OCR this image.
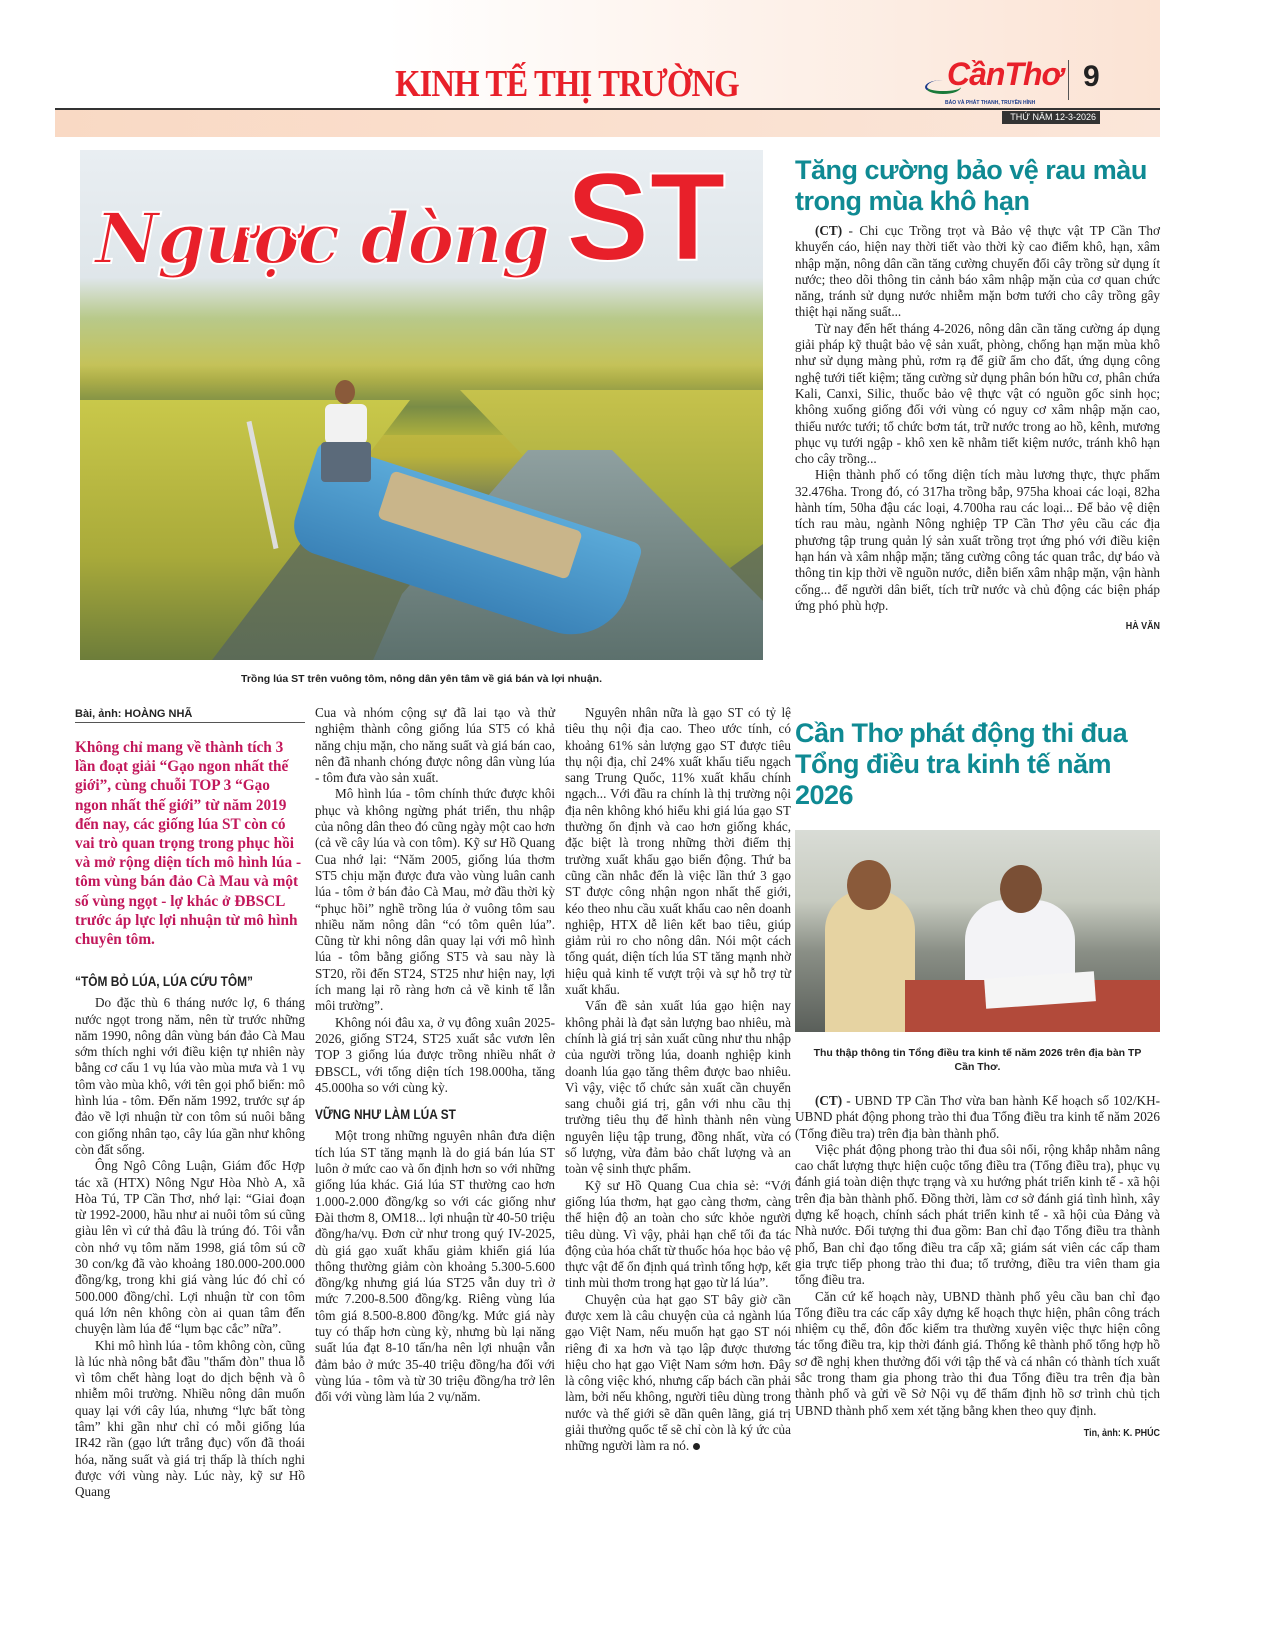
KINH TẾ THỊ TRƯỜNG	CầnThơ
BÁO VÀ PHÁT THANH, TRUYỀN HÌNH
9
THỨ NĂM 12-3-2026
Ngược dòng ST
Trồng lúa ST trên vuông tôm, nông dân yên tâm về giá bán và lợi nhuận.
Bài, ảnh: HOÀNG NHÃ
Không chỉ mang về thành tích 3 lần đoạt giải “Gạo ngon nhất thế giới”, cùng chuỗi TOP 3 “Gạo ngon nhất thế giới” từ năm 2019 đến nay, các giống lúa ST còn có vai trò quan trọng trong phục hồi và mở rộng diện tích mô hình lúa - tôm vùng bán đảo Cà Mau và một số vùng ngọt - lợ khác ở ĐBSCL trước áp lực lợi nhuận từ mô hình chuyên tôm.
“TÔM BỎ LÚA, LÚA CỨU TÔM”

Do đặc thù 6 tháng nước lợ, 6 tháng nước ngọt trong năm, nên từ trước những năm 1990, nông dân vùng bán đảo Cà Mau sớm thích nghi với điều kiện tự nhiên này bằng cơ cấu 1 vụ lúa vào mùa mưa và 1 vụ tôm vào mùa khô, với tên gọi phổ biến: mô hình lúa - tôm. Đến năm 1992, trước sự áp đảo về lợi nhuận từ con tôm sú nuôi bằng con giống nhân tạo, cây lúa gần như không còn đất sống.

Ông Ngô Công Luận, Giám đốc Hợp tác xã (HTX) Nông Ngư Hòa Nhò A, xã Hòa Tú, TP Cần Thơ, nhớ lại: “Giai đoạn từ 1992-2000, hầu như ai nuôi tôm sú cũng giàu lên vì cứ thả đâu là trúng đó. Tôi vẫn còn nhớ vụ tôm năm 1998, giá tôm sú cỡ 30 con/kg đã vào khoảng 180.000-200.000 đồng/kg, trong khi giá vàng lúc đó chỉ có 500.000 đồng/chỉ. Lợi nhuận từ con tôm quá lớn nên không còn ai quan tâm đến chuyện làm lúa để “lụm bạc cắc” nữa”.

Khi mô hình lúa - tôm không còn, cũng là lúc nhà nông bắt đầu "thấm đòn" thua lỗ vì tôm chết hàng loạt do dịch bệnh và ô nhiễm môi trường. Nhiều nông dân muốn quay lại với cây lúa, nhưng “lực bất tòng tâm” khi gần như chỉ có mỗi giống lúa IR42 rần (gạo lứt trắng đục) vốn đã thoái hóa, năng suất và giá trị thấp là thích nghi được với vùng này. Lúc này, kỹ sư Hồ Quang

Cua và nhóm cộng sự đã lai tạo và thử nghiệm thành công giống lúa ST5 có khả năng chịu mặn, cho năng suất và giá bán cao, nên đã nhanh chóng được nông dân vùng lúa - tôm đưa vào sản xuất.

Mô hình lúa - tôm chính thức được khôi phục và không ngừng phát triển, thu nhập của nông dân theo đó cũng ngày một cao hơn (cả về cây lúa và con tôm). Kỹ sư Hồ Quang Cua nhớ lại: “Năm 2005, giống lúa thơm ST5 chịu mặn được đưa vào vùng luân canh lúa - tôm ở bán đảo Cà Mau, mở đầu thời kỳ “phục hồi” nghề trồng lúa ở vuông tôm sau nhiều năm nông dân “có tôm quên lúa”. Cũng từ khi nông dân quay lại với mô hình lúa - tôm bằng giống ST5 và sau này là ST20, rồi đến ST24, ST25 như hiện nay, lợi ích mang lại rõ ràng hơn cả về kinh tế lẫn môi trường”.

Không nói đâu xa, ở vụ đông xuân 2025-2026, giống ST24, ST25 xuất sắc vươn lên TOP 3 giống lúa được trồng nhiều nhất ở ĐBSCL, với tổng diện tích 198.000ha, tăng 45.000ha so với cùng kỳ.

VỮNG NHƯ LÀM LÚA ST

Một trong những nguyên nhân đưa diện tích lúa ST tăng mạnh là do giá bán lúa ST luôn ở mức cao và ổn định hơn so với những giống lúa khác. Giá lúa ST thường cao hơn 1.000-2.000 đồng/kg so với các giống như Đài thơm 8, OM18... lợi nhuận từ 40-50 triệu đồng/ha/vụ. Đơn cử như trong quý IV-2025, dù giá gạo xuất khẩu giảm khiến giá lúa thông thường giảm còn khoảng 5.300-5.600 đồng/kg nhưng giá lúa ST25 vẫn duy trì ở mức 7.200-8.500 đồng/kg. Riêng vùng lúa tôm giá 8.500-8.800 đồng/kg. Mức giá này tuy có thấp hơn cùng kỳ, nhưng bù lại năng suất lúa đạt 8-10 tấn/ha nên lợi nhuận vẫn đảm bảo ở mức 35-40 triệu đồng/ha đối với vùng lúa - tôm và từ 30 triệu đồng/ha trở lên đối với vùng làm lúa 2 vụ/năm.

Nguyên nhân nữa là gạo ST có tỷ lệ tiêu thụ nội địa cao. Theo ước tính, có khoảng 61% sản lượng gạo ST được tiêu thụ nội địa, chỉ 24% xuất khẩu tiểu ngạch sang Trung Quốc, 11% xuất khẩu chính ngạch... Với đầu ra chính là thị trường nội địa nên không khó hiểu khi giá lúa gạo ST thường ổn định và cao hơn giống khác, đặc biệt là trong những thời điểm thị trường xuất khẩu gạo biến động. Thứ ba cũng cần nhắc đến là việc lần thứ 3 gạo ST được công nhận ngon nhất thế giới, kéo theo nhu cầu xuất khẩu cao nên doanh nghiệp, HTX dễ liên kết bao tiêu, giúp giảm rủi ro cho nông dân. Nói một cách tổng quát, diện tích lúa ST tăng mạnh nhờ hiệu quả kinh tế vượt trội và sự hỗ trợ từ xuất khẩu.

Vấn đề sản xuất lúa gạo hiện nay không phải là đạt sản lượng bao nhiêu, mà chính là giá trị sản xuất cũng như thu nhập của người trồng lúa, doanh nghiệp kinh doanh lúa gạo tăng thêm được bao nhiêu. Vì vậy, việc tổ chức sản xuất cần chuyển sang chuỗi giá trị, gắn với nhu cầu thị trường tiêu thụ để hình thành nên vùng nguyên liệu tập trung, đồng nhất, vừa có số lượng, vừa đảm bảo chất lượng và an toàn vệ sinh thực phẩm.

Kỹ sư Hồ Quang Cua chia sẻ: “Với giống lúa thơm, hạt gạo càng thơm, càng thể hiện độ an toàn cho sức khỏe người tiêu dùng. Vì vậy, phải hạn chế tối đa tác động của hóa chất từ thuốc hóa học bảo vệ thực vật để ổn định quá trình tổng hợp, kết tinh mùi thơm trong hạt gạo từ lá lúa”.

Chuyện của hạt gạo ST bây giờ cần được xem là câu chuyện của cả ngành lúa gạo Việt Nam, nếu muốn hạt gạo ST nói riêng đi xa hơn và tạo lập được thương hiệu cho hạt gạo Việt Nam sớm hơn. Đây là công việc khó, nhưng cấp bách cần phải làm, bởi nếu không, người tiêu dùng trong nước và thế giới sẽ dần quên lãng, giá trị giải thưởng quốc tế sẽ chỉ còn là ký ức của những người làm ra nó.

Tăng cường bảo vệ rau màu trong mùa khô hạn

(CT) - Chi cục Trồng trọt và Bảo vệ thực vật TP Cần Thơ khuyến cáo, hiện nay thời tiết vào thời kỳ cao điểm khô, hạn, xâm nhập mặn, nông dân cần tăng cường chuyển đổi cây trồng sử dụng ít nước; theo dõi thông tin cảnh báo xâm nhập mặn của cơ quan chức năng, tránh sử dụng nước nhiễm mặn bơm tưới cho cây trồng gây thiệt hại năng suất...

Từ nay đến hết tháng 4-2026, nông dân cần tăng cường áp dụng giải pháp kỹ thuật bảo vệ sản xuất, phòng, chống hạn mặn mùa khô như sử dụng màng phủ, rơm rạ để giữ ẩm cho đất, ứng dụng công nghệ tưới tiết kiệm; tăng cường sử dụng phân bón hữu cơ, phân chứa Kali, Canxi, Silic, thuốc bảo vệ thực vật có nguồn gốc sinh học; không xuống giống đối với vùng có nguy cơ xâm nhập mặn cao, thiếu nước tưới; tổ chức bơm tát, trữ nước trong ao hồ, kênh, mương phục vụ tưới ngập - khô xen kẽ nhằm tiết kiệm nước, tránh khô hạn cho cây trồng...

Hiện thành phố có tổng diện tích màu lương thực, thực phẩm 32.476ha. Trong đó, có 317ha trồng bắp, 975ha khoai các loại, 82ha hành tím, 50ha đậu các loại, 4.700ha rau các loại... Để bảo vệ diện tích rau màu, ngành Nông nghiệp TP Cần Thơ yêu cầu các địa phương tập trung quản lý sản xuất trồng trọt ứng phó với điều kiện hạn hán và xâm nhập mặn; tăng cường công tác quan trắc, dự báo và thông tin kịp thời về nguồn nước, diễn biến xâm nhập mặn, vận hành cống... để người dân biết, tích trữ nước và chủ động các biện pháp ứng phó phù hợp.

HÀ VĂN
Cần Thơ phát động thi đua Tổng điều tra kinh tế năm 2026
Thu thập thông tin Tổng điều tra kinh tế năm 2026 trên địa bàn TP Cần Thơ.

(CT) - UBND TP Cần Thơ vừa ban hành Kế hoạch số 102/KH-UBND phát động phong trào thi đua Tổng điều tra kinh tế năm 2026 (Tổng điều tra) trên địa bàn thành phố.

Việc phát động phong trào thi đua sôi nổi, rộng khắp nhằm nâng cao chất lượng thực hiện cuộc tổng điều tra (Tổng điều tra), phục vụ đánh giá toàn diện thực trạng và xu hướng phát triển kinh tế - xã hội trên địa bàn thành phố. Đồng thời, làm cơ sở đánh giá tình hình, xây dựng kế hoạch, chính sách phát triển kinh tế - xã hội của Đảng và Nhà nước. Đối tượng thi đua gồm: Ban chỉ đạo Tổng điều tra thành phố, Ban chỉ đạo tổng điều tra cấp xã; giám sát viên các cấp tham gia trực tiếp phong trào thi đua; tổ trưởng, điều tra viên tham gia tổng điều tra.

Căn cứ kế hoạch này, UBND thành phố yêu cầu ban chỉ đạo Tổng điều tra các cấp xây dựng kế hoạch thực hiện, phân công trách nhiệm cụ thể, đôn đốc kiểm tra thường xuyên việc thực hiện công tác tổng điều tra, kịp thời đánh giá. Thống kê thành phố tổng hợp hồ sơ đề nghị khen thưởng đối với tập thể và cá nhân có thành tích xuất sắc trong tham gia phong trào thi đua Tổng điều tra trên địa bàn thành phố và gửi về Sở Nội vụ để thẩm định hồ sơ trình chủ tịch UBND thành phố xem xét tặng bằng khen theo quy định.

Tin, ảnh: K. PHÚC
